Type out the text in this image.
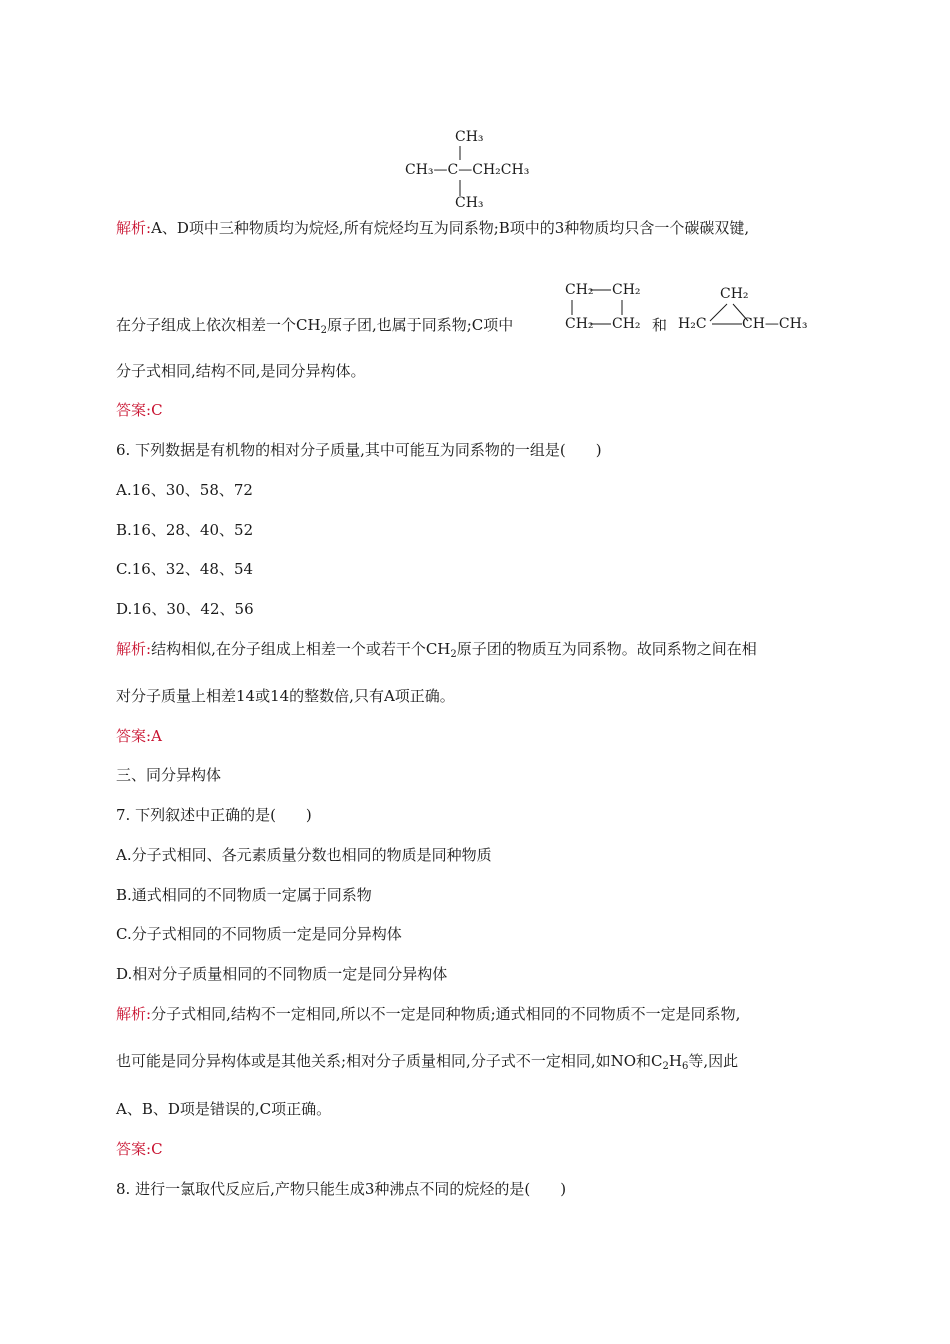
CH₃
CH₃—C—CH₂CH₃
CH₃
解析:A、D项中三种物质均为烷烃,所有烷烃均互为同系物;B项中的3种物质均只含一个碳碳双键,
在分子组成上依次相差一个$CH_2$原子团,也属于同系物;C项中
CH₂ CH₂
CH₂ CH₂ 和
CH₂
H₂C	CH—CH₃
分子式相同,结构不同,是同分异构体。
答案:C
6. 下列数据是有机物的相对分子质量,其中可能互为同系物的一组是(　　)
A.16、30、58、72
B.16、28、40、52
C.16、32、48、54
D.16、30、42、56
解析:结构相似,在分子组成上相差一个或若干个$CH_2$原子团的物质互为同系物。故同系物之间在相
对分子质量上相差14或14的整数倍,只有A项正确。
答案:A
三、同分异构体
7. 下列叙述中正确的是(　　)
A.分子式相同、各元素质量分数也相同的物质是同种物质
B.通式相同的不同物质一定属于同系物
C.分子式相同的不同物质一定是同分异构体
D.相对分子质量相同的不同物质一定是同分异构体
解析:分子式相同,结构不一定相同,所以不一定是同种物质;通式相同的不同物质不一定是同系物,
也可能是同分异构体或是其他关系;相对分子质量相同,分子式不一定相同,如NO和$C_2H_6$等,因此
A、B、D项是错误的,C项正确。
答案:C
8. 进行一氯取代反应后,产物只能生成3种沸点不同的烷烃的是(　　)
